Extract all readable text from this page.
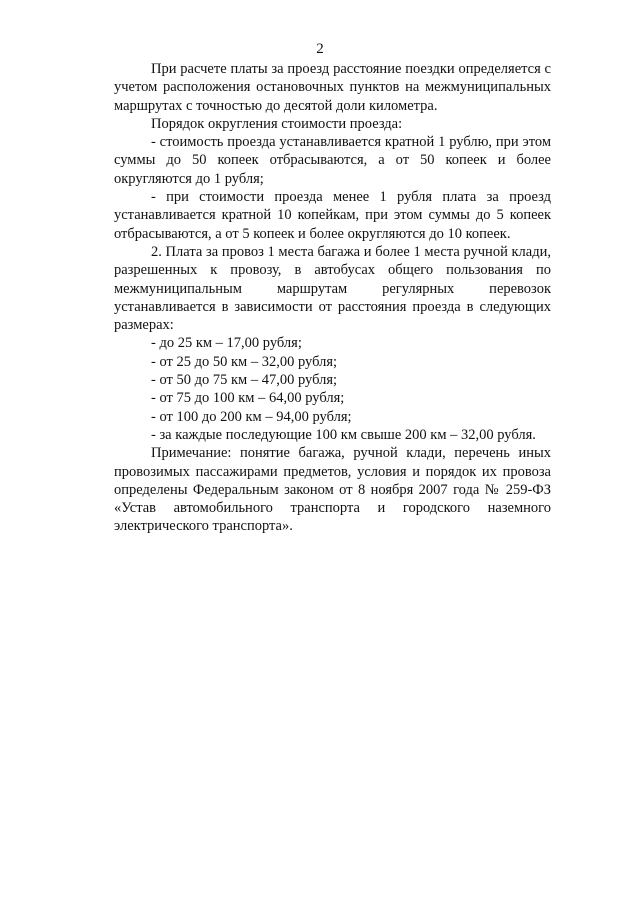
2

При расчете платы за проезд расстояние поездки определяется с учетом расположения остановочных пунктов на межмуниципальных маршрутах с точностью до десятой доли километра.

Порядок округления стоимости проезда:

- стоимость проезда устанавливается кратной 1 рублю, при этом суммы до 50 копеек отбрасываются, а от 50 копеек и более округляются до 1 рубля;

- при стоимости проезда менее 1 рубля плата за проезд устанавливается кратной 10 копейкам, при этом суммы до 5 копеек отбрасываются, а от 5 копеек и более округляются до 10 копеек.

2. Плата за провоз 1 места багажа и более 1 места ручной клади, разрешенных к провозу, в автобусах общего пользования по межмуниципальным маршрутам регулярных перевозок устанавливается в зависимости от расстояния проезда в следующих размерах:

- до 25 км – 17,00 рубля;

- от 25 до 50 км – 32,00 рубля;

- от 50 до 75 км – 47,00 рубля;

- от 75 до 100 км – 64,00 рубля;

- от 100 до 200 км – 94,00 рубля;

- за каждые последующие 100 км свыше 200 км – 32,00 рубля.

Примечание: понятие багажа, ручной клади, перечень иных провозимых пассажирами предметов, условия и порядок их провоза определены Федеральным законом от 8 ноября 2007 года № 259-ФЗ «Устав автомобильного транспорта и городского наземного электрического транспорта».
